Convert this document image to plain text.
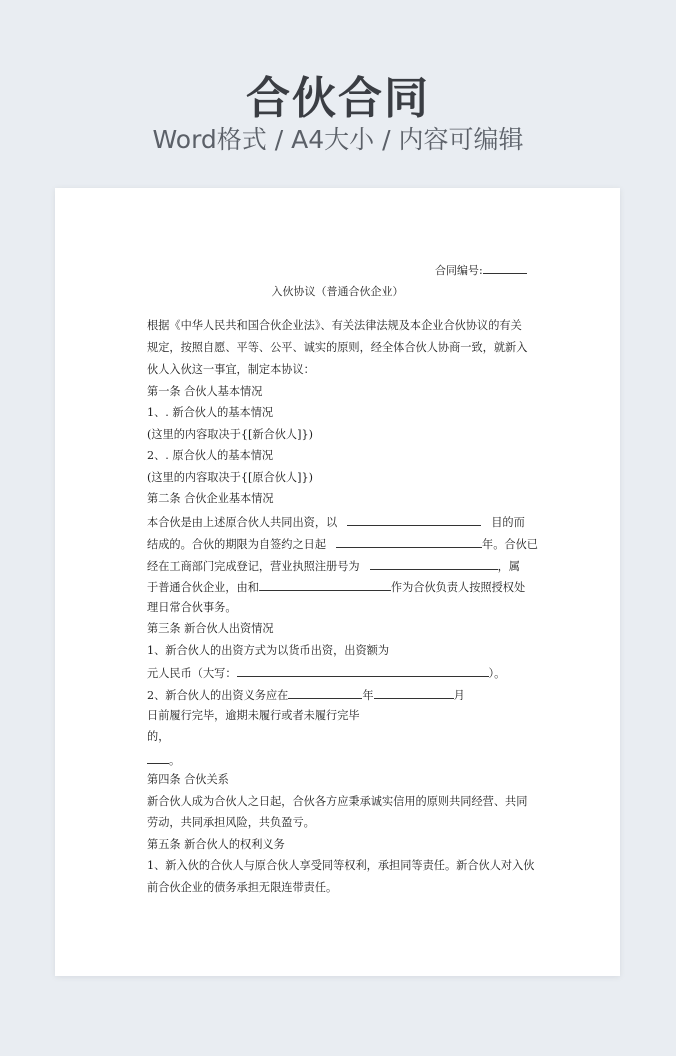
合伙合同
Word格式 / A4大小 / 内容可编辑
合同编号:
入伙协议（普通合伙企业）
根据《中华人民共和国合伙企业法》、有关法律法规及本企业合伙协议的有关
规定，按照自愿、平等、公平、诚实的原则，经全体合伙人协商一致，就新入
伙人入伙这一事宜，制定本协议：
第一条 合伙人基本情况
1、. 新合伙人的基本情况
(这里的内容取决于{[新合伙人]})
2、. 原合伙人的基本情况
(这里的内容取决于{[原合伙人]})
第二条 合伙企业基本情况
本合伙是由上述原合伙人共同出资，以	目的而
结成的。合伙的期限为自签约之日起	年。合伙已
经在工商部门完成登记，营业执照注册号为	，属
于普通合伙企业，由和	作为合伙负责人按照授权处
理日常合伙事务。
第三条 新合伙人出资情况
1、新合伙人的出资方式为以货币出资，出资额为
元人民币（大写：	）。
2、新合伙人的出资义务应在	年	月
日前履行完毕，逾期未履行或者未履行完毕
的，
。
第四条 合伙关系
新合伙人成为合伙人之日起，合伙各方应秉承诚实信用的原则共同经营、共同
劳动，共同承担风险，共负盈亏。
第五条 新合伙人的权利义务
1、新入伙的合伙人与原合伙人享受同等权利，承担同等责任。新合伙人对入伙
前合伙企业的债务承担无限连带责任。
